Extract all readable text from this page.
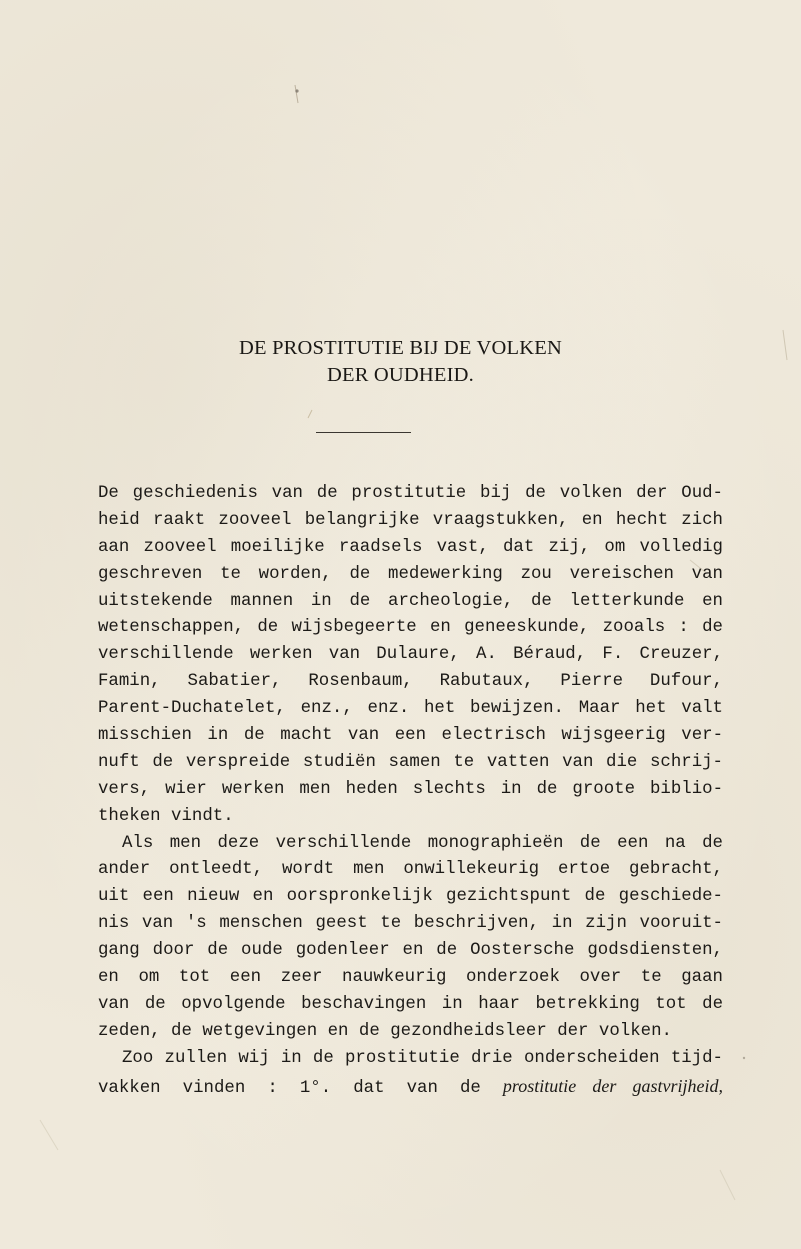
DE PROSTITUTIE BIJ DE VOLKEN
DER OUDHEID.
De geschiedenis van de prostitutie bij de volken der Oud-
heid raakt zooveel belangrijke vraagstukken, en hecht zich
aan zooveel moeilijke raadsels vast, dat zij, om volledig
geschreven te worden, de medewerking zou vereischen van
uitstekende mannen in de archeologie, de letterkunde en
wetenschappen, de wijsbegeerte en geneeskunde, zooals : de
verschillende werken van Dulaure, A. Béraud, F. Creuzer,
Famin, Sabatier, Rosenbaum, Rabutaux, Pierre Dufour,
Parent-Duchatelet, enz., enz. het bewijzen. Maar het valt
misschien in de macht van een electrisch wijsgeerig ver-
nuft de verspreide studiën samen te vatten van die schrij-
vers, wier werken men heden slechts in de groote biblio-
theken vindt.
Als men deze verschillende monographieën de een na de
ander ontleedt, wordt men onwillekeurig ertoe gebracht,
uit een nieuw en oorspronkelijk gezichtspunt de geschiede-
nis van 's menschen geest te beschrijven, in zijn vooruit-
gang door de oude godenleer en de Oostersche godsdiensten,
en om tot een zeer nauwkeurig onderzoek over te gaan
van de opvolgende beschavingen in haar betrekking tot de
zeden, de wetgevingen en de gezondheidsleer der volken.
Zoo zullen wij in de prostitutie drie onderscheiden tijd-
vakken vinden : 1°. dat van de prostitutie der gastvrijheid,
